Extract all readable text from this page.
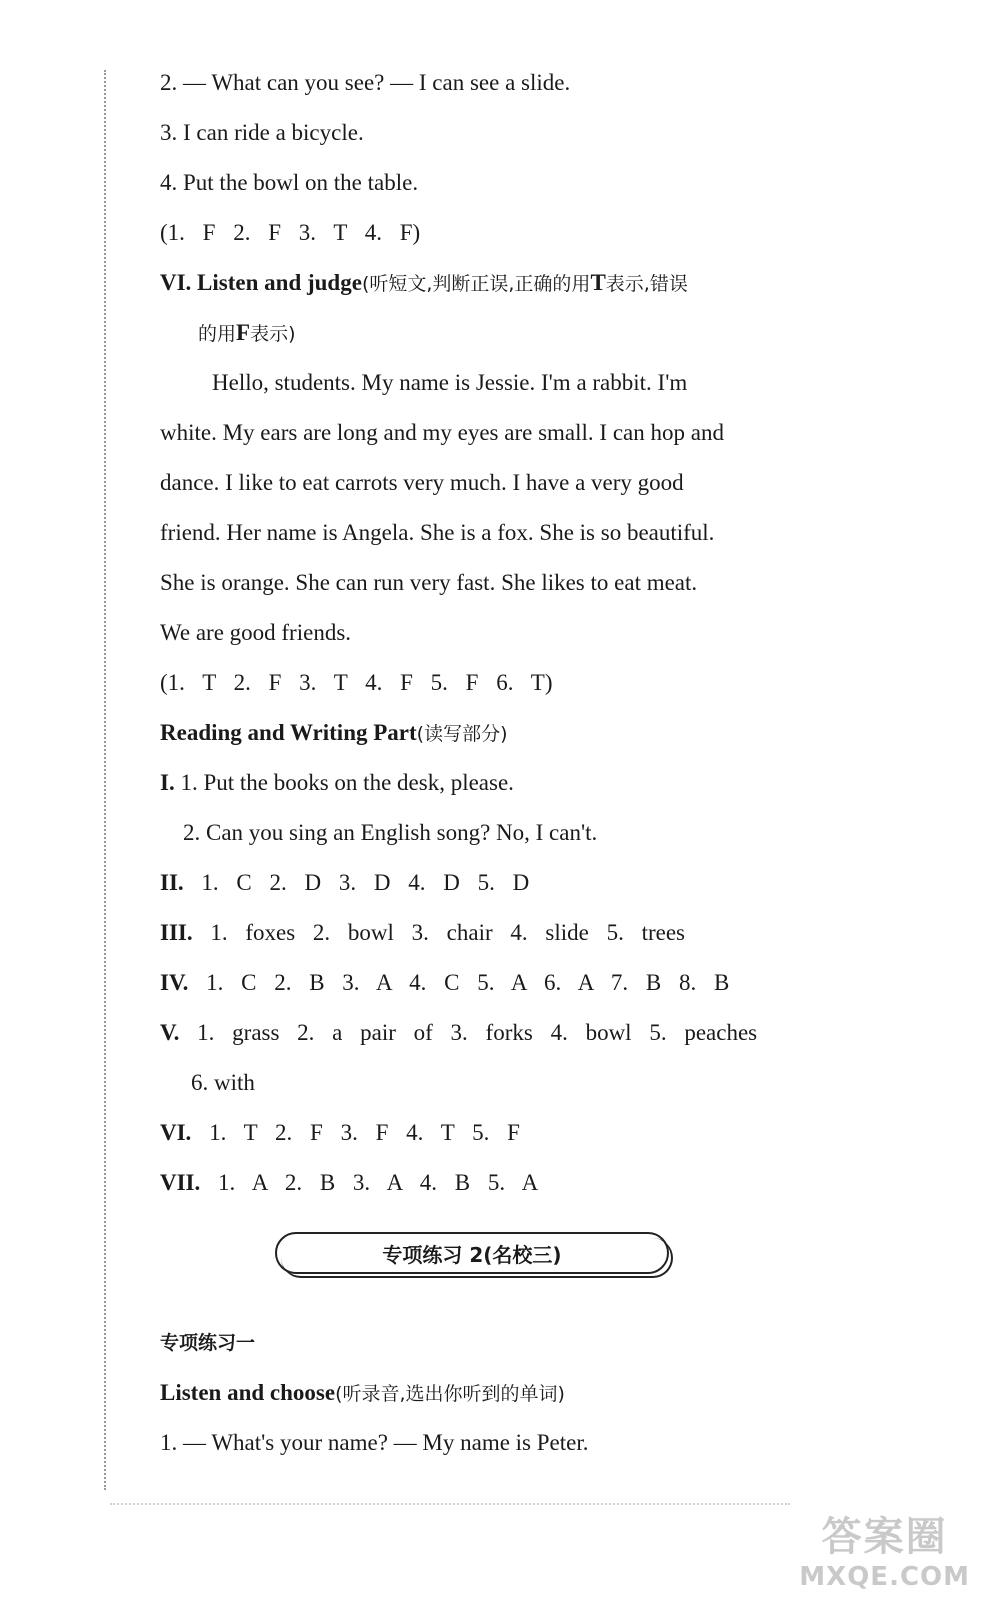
2. — What can you see? — I can see a slide.
3. I can ride a bicycle.
4. Put the bowl on the table.
(1. F 2. F 3. T 4. F)
VI. Listen and judge(听短文,判断正误,正确的用T表示,错误
的用F表示)
Hello, students. My name is Jessie. I'm a rabbit. I'm
white. My ears are long and my eyes are small. I can hop and
dance. I like to eat carrots very much. I have a very good
friend. Her name is Angela. She is a fox. She is so beautiful.
She is orange. She can run very fast. She likes to eat meat.
We are good friends.
(1. T 2. F 3. T 4. F 5. F 6. T)
Reading and Writing Part(读写部分)
I. 1. Put the books on the desk, please.
2. Can you sing an English song? No, I can't.
II. 1. C 2. D 3. D 4. D 5. D
III. 1. foxes 2. bowl 3. chair 4. slide 5. trees
IV. 1. C 2. B 3. A 4. C 5. A 6. A 7. B 8. B
V. 1. grass 2. a pair of 3. forks 4. bowl 5. peaches
6. with
VI. 1. T 2. F 3. F 4. T 5. F
VII. 1. A 2. B 3. A 4. B 5. A
专项练习 2(名校三)
专项练习一
Listen and choose(听录音,选出你听到的单词)
1. — What's your name? — My name is Peter.
答案圈
MXQE.COM
